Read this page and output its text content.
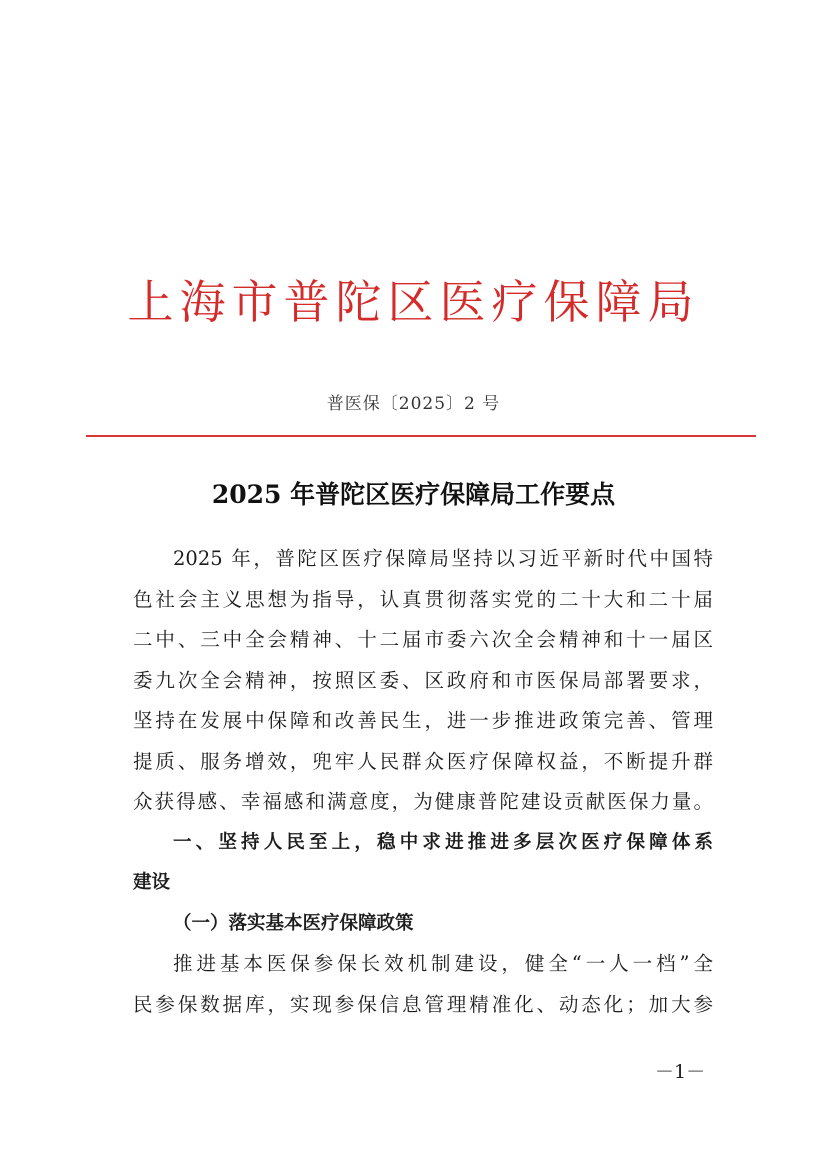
上海市普陀区医疗保障局
普医保〔2025〕2 号
2025 年普陀区医疗保障局工作要点
2025 年，普陀区医疗保障局坚持以习近平新时代中国特
色社会主义思想为指导，认真贯彻落实党的二十大和二十届
二中、三中全会精神、十二届市委六次全会精神和十一届区
委九次全会精神，按照区委、区政府和市医保局部署要求，
坚持在发展中保障和改善民生，进一步推进政策完善、管理
提质、服务增效，兜牢人民群众医疗保障权益，不断提升群
众获得感、幸福感和满意度，为健康普陀建设贡献医保力量。
一、坚持人民至上，稳中求进推进多层次医疗保障体系
建设
（一）落实基本医疗保障政策
推进基本医保参保长效机制建设，健全“一人一档”全
民参保数据库，实现参保信息管理精准化、动态化；加大参
－1－
